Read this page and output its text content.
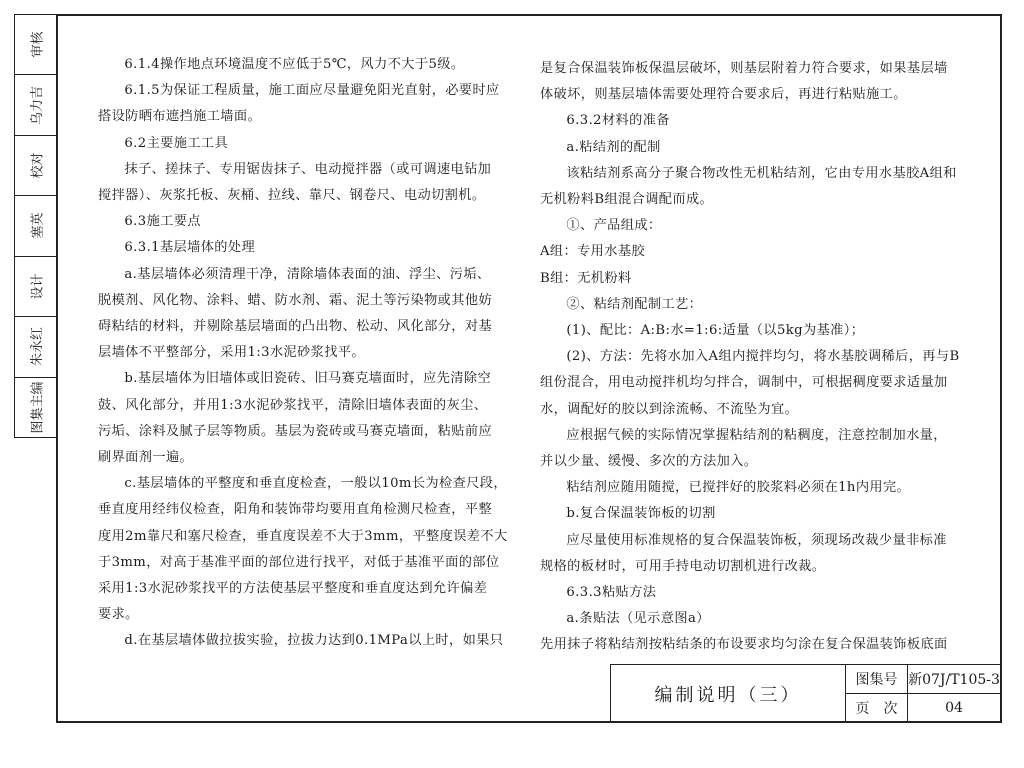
审核
乌力吉
校对
塞英
设计
朱永红
图集主编

6.1.4操作地点环境温度不应低于5℃，风力不大于5级。

6.1.5为保证工程质量，施工面应尽量避免阳光直射，必要时应

搭设防晒布遮挡施工墙面。

6.2主要施工工具

抹子、搓抹子、专用锯齿抹子、电动搅拌器（或可调速电钻加

搅拌器）、灰浆托板、灰桶、拉线、靠尺、钢卷尺、电动切割机。

6.3施工要点

6.3.1基层墙体的处理

a.基层墙体必须清理干净，清除墙体表面的油、浮尘、污垢、

脱模剂、风化物、涂料、蜡、防水剂、霜、泥土等污染物或其他妨

碍粘结的材料，并剔除基层墙面的凸出物、松动、风化部分，对基

层墙体不平整部分，采用1:3水泥砂浆找平。

b.基层墙体为旧墙体或旧瓷砖、旧马赛克墙面时，应先清除空

鼓、风化部分，并用1:3水泥砂浆找平，清除旧墙体表面的灰尘、

污垢、涂料及腻子层等物质。基层为瓷砖或马赛克墙面，粘贴前应

刷界面剂一遍。

c.基层墙体的平整度和垂直度检查，一般以10m长为检查尺段，

垂直度用经纬仪检查，阳角和装饰带均要用直角检测尺检查，平整

度用2m靠尺和塞尺检查，垂直度误差不大于3mm，平整度误差不大

于3mm，对高于基准平面的部位进行找平，对低于基准平面的部位

采用1:3水泥砂浆找平的方法使基层平整度和垂直度达到允许偏差

要求。

d.在基层墙体做拉拔实验，拉拔力达到0.1MPa以上时，如果只

是复合保温装饰板保温层破坏，则基层附着力符合要求，如果基层墙

体破坏，则基层墙体需要处理符合要求后，再进行粘贴施工。

6.3.2材料的准备

a.粘结剂的配制

该粘结剂系高分子聚合物改性无机粘结剂，它由专用水基胶A组和

无机粉料B组混合调配而成。

①、产品组成：

A组：专用水基胶

B组：无机粉料

②、粘结剂配制工艺：

(1)、配比：A:B:水=1:6:适量（以5kg为基准）；

(2)、方法：先将水加入A组内搅拌均匀，将水基胶调稀后，再与B

组份混合，用电动搅拌机均匀拌合，调制中，可根据稠度要求适量加

水，调配好的胶以到涂流畅、不流坠为宜。

应根据气候的实际情况掌握粘结剂的粘稠度，注意控制加水量，

并以少量、缓慢、多次的方法加入。

粘结剂应随用随搅，已搅拌好的胶浆料必须在1h内用完。

b.复合保温装饰板的切割

应尽量使用标准规格的复合保温装饰板，须现场改裁少量非标准

规格的板材时，可用手持电动切割机进行改裁。

6.3.3粘贴方法

a.条贴法（见示意图a）

先用抹子将粘结剂按粘结条的布设要求均匀涂在复合保温装饰板底面

编制说明（三）
图集号 新07J/T105-3
页　次	04
